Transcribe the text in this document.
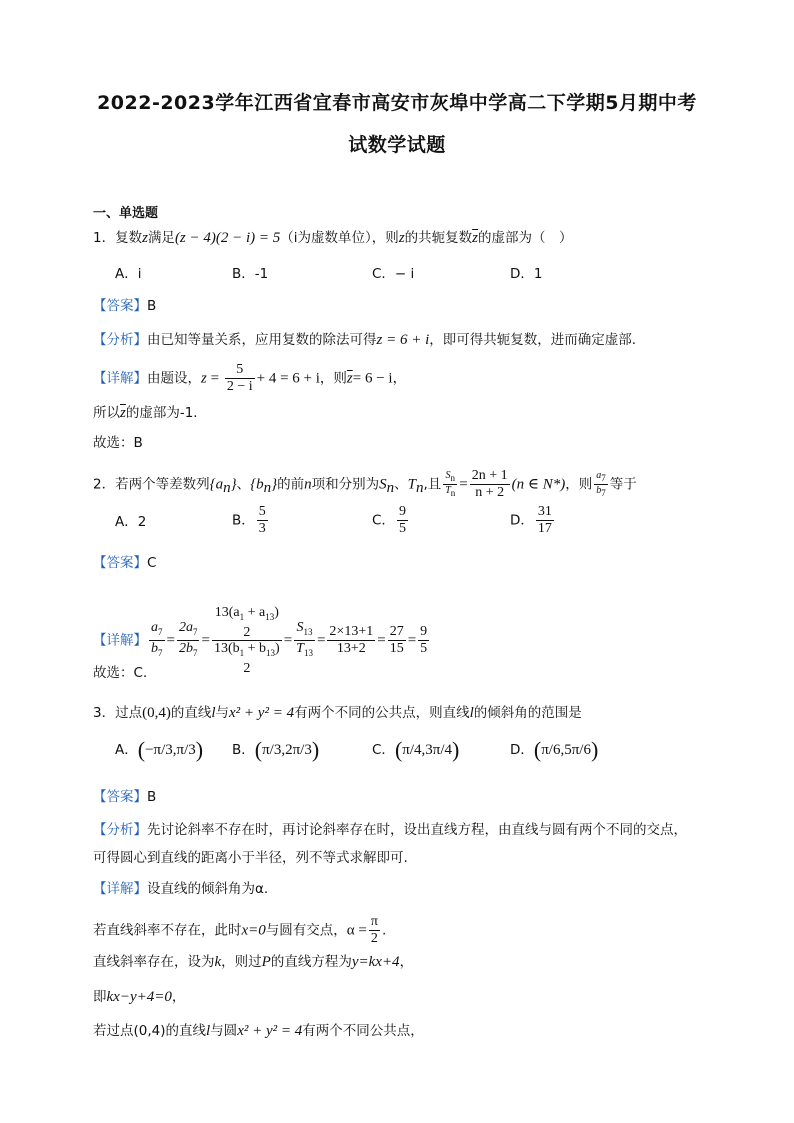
2022-2023学年江西省宜春市高安市灰埠中学高二下学期5月期中考
试数学试题
一、单选题
1．复数z满足(z − 4)(2 − i) = 5（i为虚数单位），则z的共轭复数$\overline{z}$的虚部为（　）
A．i	B．-1	C．− i	D．1
【答案】B
【分析】由已知等量关系，应用复数的除法可得z = 6 + i，即可得共轭复数，进而确定虚部.
【详解】由题设，$z = \frac{5}{2 - i} + 4 = 6 + i$，则$\overline{z}= 6 - i$，
所以$\overline{z}$的虚部为-1.
故选：B
2．若两个等差数列$\{a_n\}$、$\{b_n\}$的前n项和分别为$S_n$、$T_n$,且 $\frac{S_n}{T_n} = \frac{2n + 1}{n + 2} (n$ ∈ N*)，则 $\frac{a_7}{b_7}$ 等于
A．2	B． $\frac{5}{3}$	C． $\frac{9}{5}$	D． $\frac{31}{17}$
【答案】C
【详解】 $\frac{a_7}{b_7} = \frac{2a_7}{2b_7}$ =
$13(a_1 + a_{13})$
2
$13(b_1 + b_{13})$
2
= $\frac{S_{13}}{T_{13}} = \frac{2\times 13+1}{13+2} = \frac{27}{15} = \frac{9}{5}$
故选：C.
3．过点(0,4)的直线l与x² + y² = 4有两个不同的公共点，则直线l的倾斜角的范围是
A．(−π/3,π/3) B．(π/3,2π/3)	C．(π/4,3π/4)	D．(π/6,5π/6)
【答案】B
【分析】先讨论斜率不存在时，再讨论斜率存在时，设出直线方程，由直线与圆有两个不同的交点，
可得圆心到直线的距离小于半径，列不等式求解即可.
【详解】设直线的倾斜角为α.
若直线斜率不存在，此时x=0与圆有交点，$\alpha = \frac{\pi}{2}$ .
直线斜率存在，设为k，则过P的直线方程为y=kx+4，
即kx−y+4=0，
若过点(0,4)的直线l与圆x² + y² = 4有两个不同公共点，
